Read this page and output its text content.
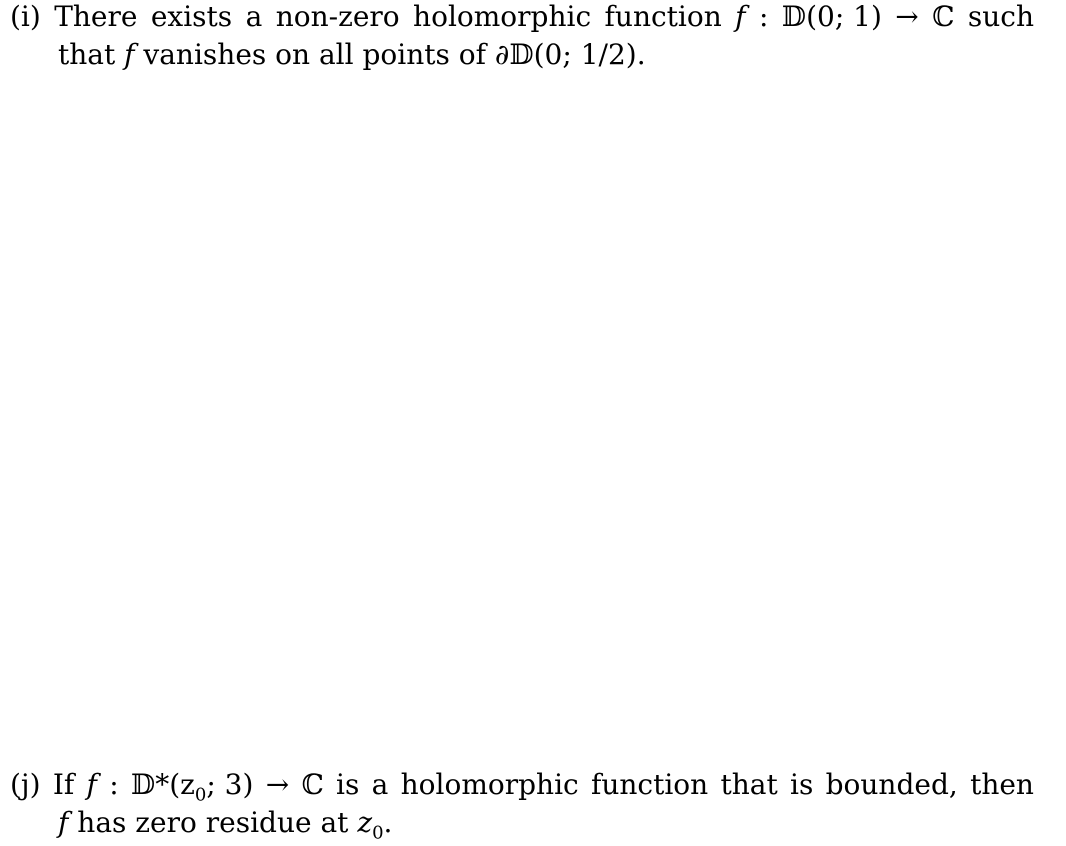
(i) There exists a non-zero holomorphic function f : 𝔻(0; 1) → ℂ such
that f vanishes on all points of ∂𝔻(0; 1/2).
(j) If f : $𝔻*(z_0$; 3) → ℂ is a holomorphic function that is bounded, then
f has zero residue at $z_0$.
